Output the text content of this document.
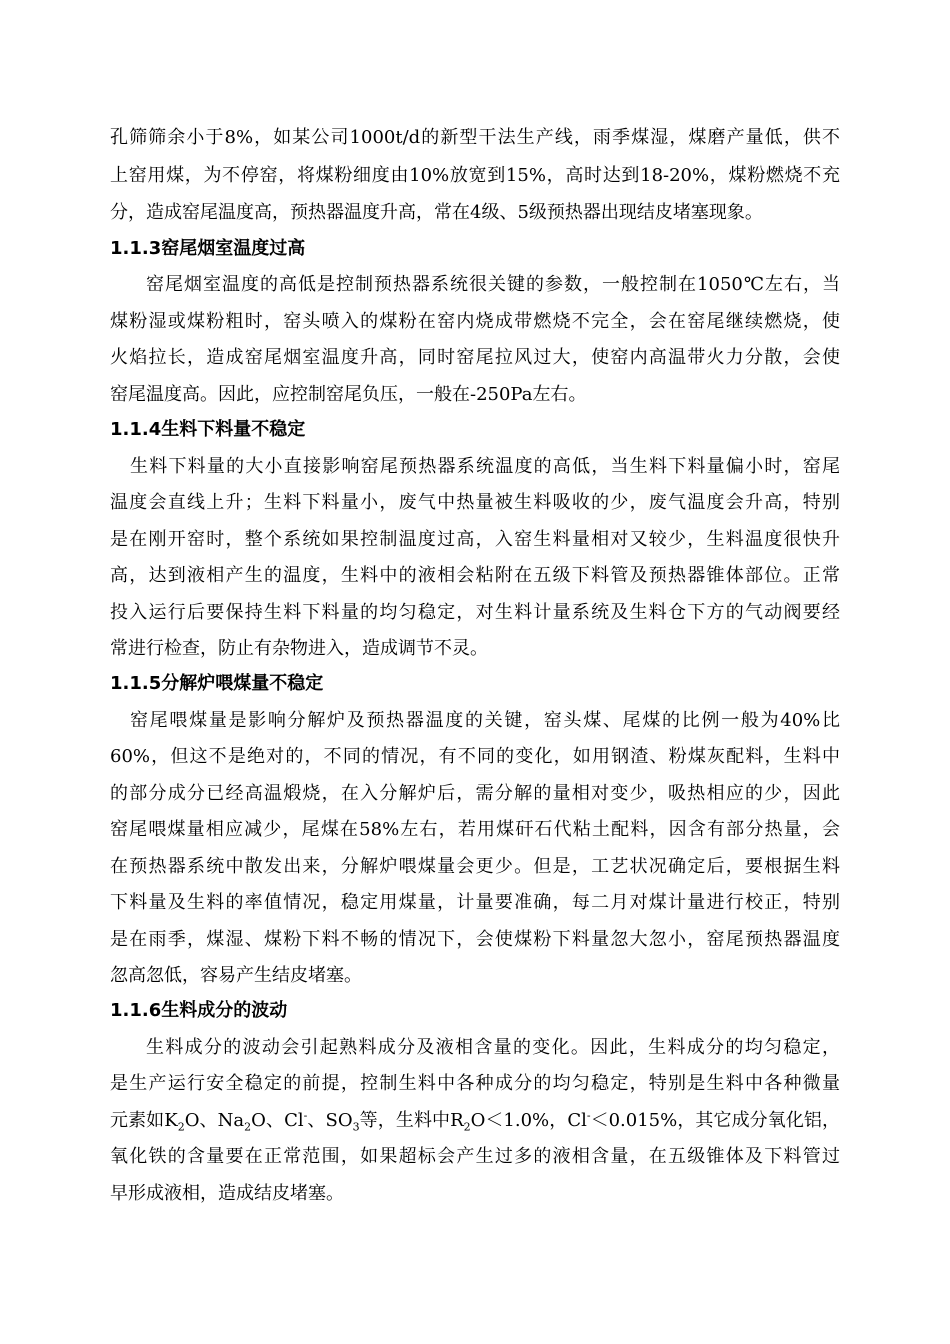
孔筛筛余小于8%，如某公司1000t/d的新型干法生产线，雨季煤湿，煤磨产量低，供不
上窑用煤，为不停窑，将煤粉细度由10%放宽到15%，高时达到18-20%，煤粉燃烧不充
分，造成窑尾温度高，预热器温度升高，常在4级、5级预热器出现结皮堵塞现象。
1.1.3窑尾烟室温度过高
窑尾烟室温度的高低是控制预热器系统很关键的参数，一般控制在1050℃左右，当
煤粉湿或煤粉粗时，窑头喷入的煤粉在窑内烧成带燃烧不完全，会在窑尾继续燃烧，使
火焰拉长，造成窑尾烟室温度升高，同时窑尾拉风过大，使窑内高温带火力分散，会使
窑尾温度高。因此，应控制窑尾负压，一般在-250Pa左右。
1.1.4生料下料量不稳定
生料下料量的大小直接影响窑尾预热器系统温度的高低，当生料下料量偏小时，窑尾
温度会直线上升；生料下料量小，废气中热量被生料吸收的少，废气温度会升高，特别
是在刚开窑时，整个系统如果控制温度过高，入窑生料量相对又较少，生料温度很快升
高，达到液相产生的温度，生料中的液相会粘附在五级下料管及预热器锥体部位。正常
投入运行后要保持生料下料量的均匀稳定，对生料计量系统及生料仓下方的气动阀要经
常进行检查，防止有杂物进入，造成调节不灵。
1.1.5分解炉喂煤量不稳定
窑尾喂煤量是影响分解炉及预热器温度的关键，窑头煤、尾煤的比例一般为40%比
60%，但这不是绝对的，不同的情况，有不同的变化，如用钢渣、粉煤灰配料，生料中
的部分成分已经高温煅烧，在入分解炉后，需分解的量相对变少，吸热相应的少，因此
窑尾喂煤量相应减少，尾煤在58%左右，若用煤矸石代粘土配料，因含有部分热量，会
在预热器系统中散发出来，分解炉喂煤量会更少。但是，工艺状况确定后，要根据生料
下料量及生料的率值情况，稳定用煤量，计量要准确，每二月对煤计量进行校正，特别
是在雨季，煤湿、煤粉下料不畅的情况下，会使煤粉下料量忽大忽小，窑尾预热器温度
忽高忽低，容易产生结皮堵塞。
1.1.6生料成分的波动
生料成分的波动会引起熟料成分及液相含量的变化。因此，生料成分的均匀稳定，
是生产运行安全稳定的前提，控制生料中各种成分的均匀稳定，特别是生料中各种微量
元素如$K_2O$、$Na_2O$、Cl-、$SO_3$等，生料中$R_2O<1.0\%$，Cl-＜0.015%，其它成分氧化铝，
氧化铁的含量要在正常范围，如果超标会产生过多的液相含量，在五级锥体及下料管过
早形成液相，造成结皮堵塞。
